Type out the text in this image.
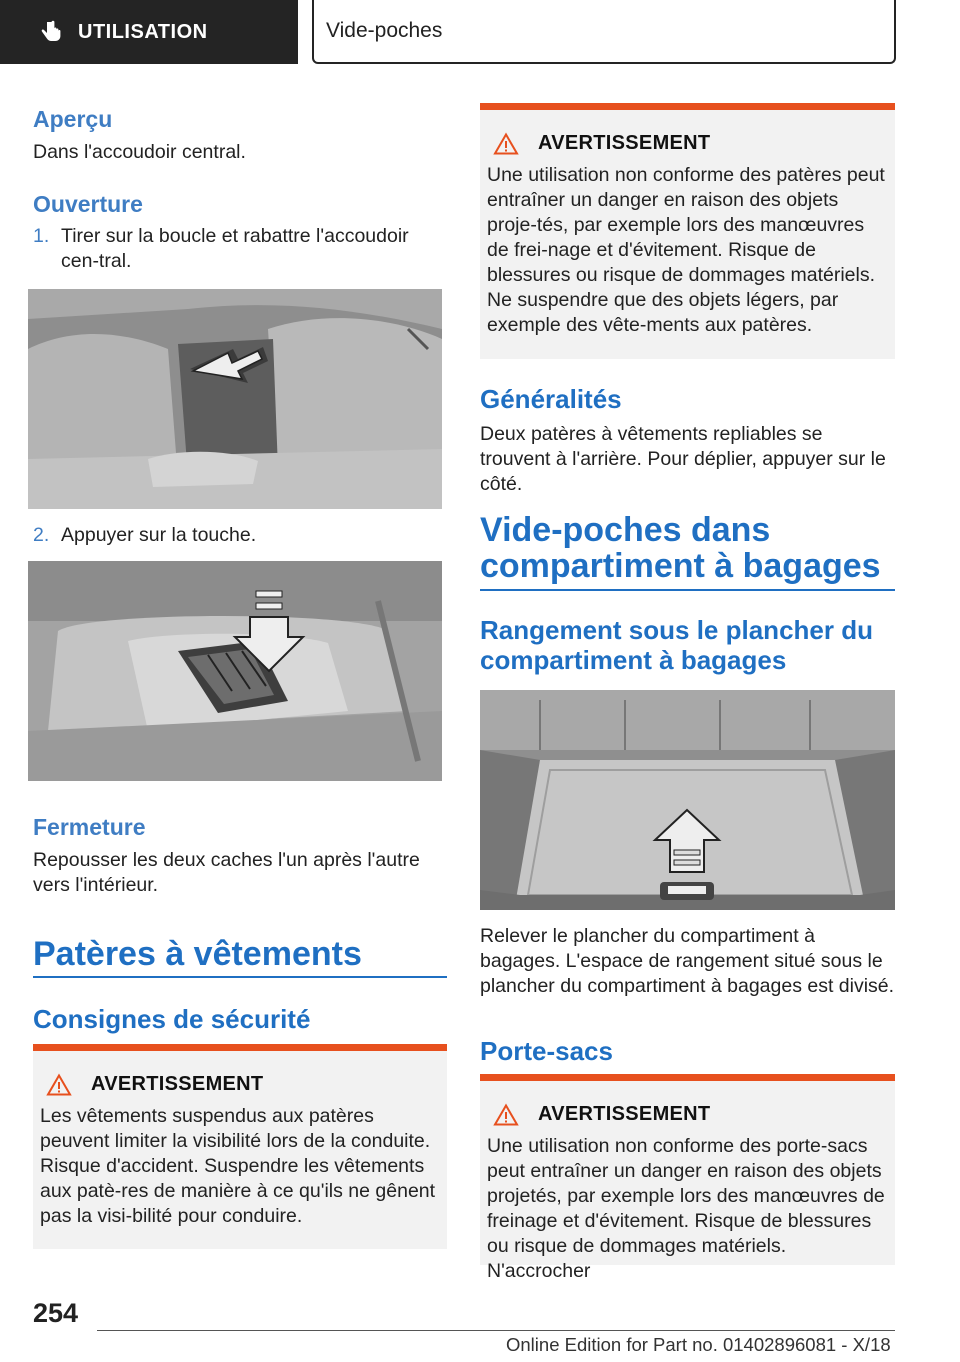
UTILISATION	Vide-poches
Aperçu

Dans l'accoudoir central.

Ouverture
1. Tirer sur la boucle et rabattre l'accoudoir cen-tral.
2. Appuyer sur la touche.
Fermeture

Repousser les deux caches l'un après l'autre vers l'intérieur.

Patères à vêtements
Consignes de sécurité
AVERTISSEMENT
Les vêtements suspendus aux patères peuvent limiter la visibilité lors de la conduite. Risque d'accident. Suspendre les vêtements aux patè-res de manière à ce qu'ils ne gênent pas la visi-bilité pour conduire.
AVERTISSEMENT
Une utilisation non conforme des patères peut entraîner un danger en raison des objets proje-tés, par exemple lors des manœuvres de frei-nage et d'évitement. Risque de blessures ou risque de dommages matériels. Ne suspendre que des objets légers, par exemple des vête-ments aux patères.
Généralités

Deux patères à vêtements repliables se trouvent à l'arrière. Pour déplier, appuyer sur le côté.

Vide-poches dans compartiment à bagages
Rangement sous le plancher du compartiment à bagages

Relever le plancher du compartiment à bagages. L'espace de rangement situé sous le plancher du compartiment à bagages est divisé.

Porte-sacs
AVERTISSEMENT
Une utilisation non conforme des porte-sacs peut entraîner un danger en raison des objets projetés, par exemple lors des manœuvres de freinage et d'évitement. Risque de blessures ou risque de dommages matériels. N'accrocher
254
Online Edition for Part no. 01402896081 - X/18
